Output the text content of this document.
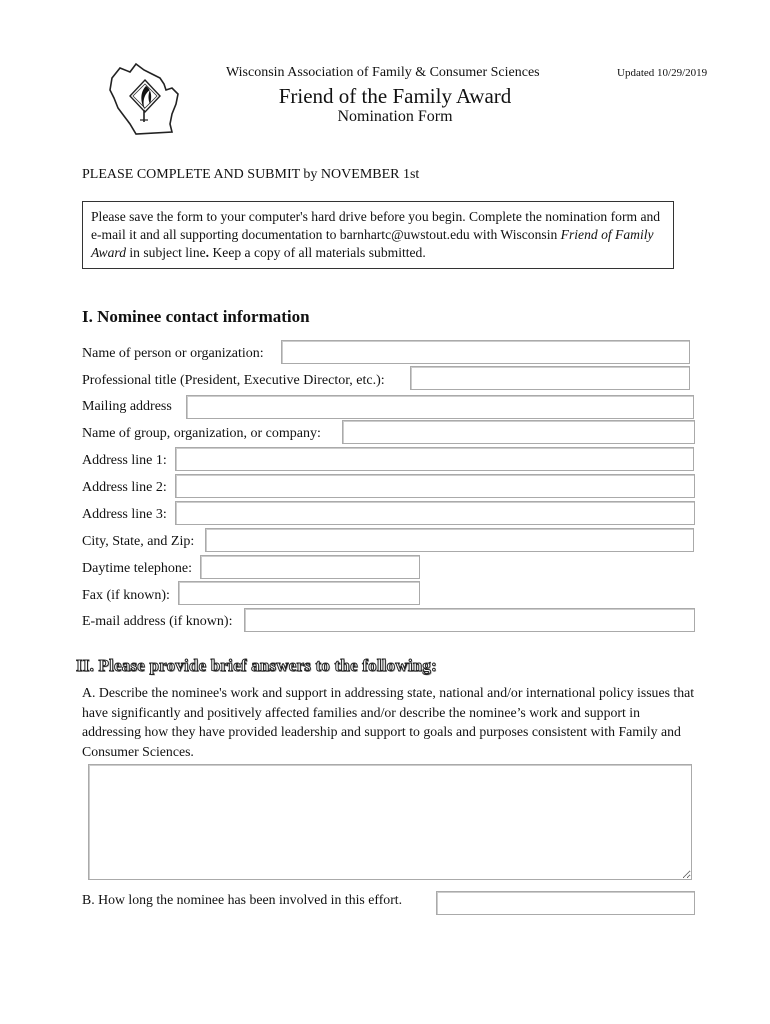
Wisconsin Association of Family & Consumer Sciences	Updated 10/29/2019
Friend of the Family Award
Nomination Form
PLEASE COMPLETE AND SUBMIT by NOVEMBER 1st
Please save the form to your computer's hard drive before you begin. Complete the nomination form and e-mail it and all supporting documentation to barnhartc@uwstout.edu with Wisconsin Friend of Family Award in subject line. Keep a copy of all materials submitted.
I. Nominee contact information
Name of person or organization:
Professional title (President, Executive Director, etc.):
Mailing address
Name of group, organization, or company:
Address line 1:
Address line 2:
Address line 3:
City, State, and Zip:
Daytime telephone:
Fax (if known):
E-mail address (if known):
II. Please provide brief answers to the following:
A. Describe the nominee's work and support in addressing state, national and/or international policy issues that have significantly and positively affected families and/or describe the nominee’s work and support in addressing how they have provided leadership and support to goals and purposes consistent with Family and Consumer Sciences.
B. How long the nominee has been involved in this effort.
